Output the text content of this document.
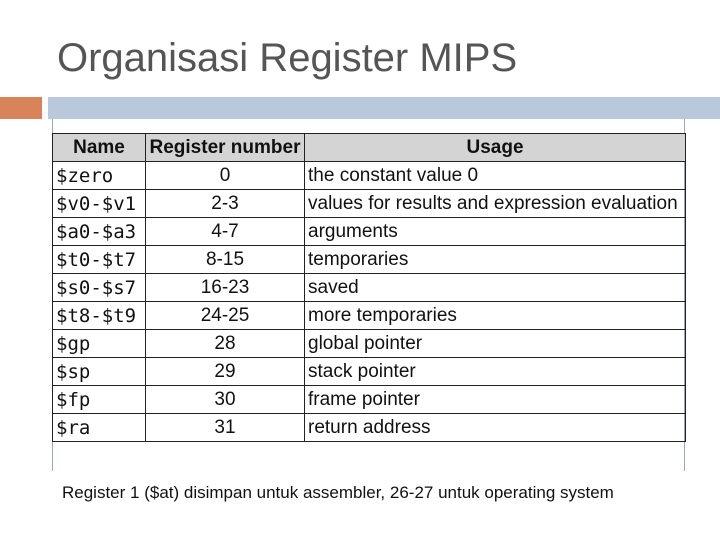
Organisasi Register MIPS
Name	Register number	Usage
$zero	0	the constant value 0
$v0-$v1	2-3	values for results and expression evaluation
$a0-$a3	4-7	arguments
$t0-$t7	8-15	temporaries
$s0-$s7	16-23	saved
$t8-$t9	24-25	more temporaries
$gp	28	global pointer
$sp	29	stack pointer
$fp	30	frame pointer
$ra	31	return address
Register 1 ($at) disimpan untuk assembler, 26-27 untuk operating system
